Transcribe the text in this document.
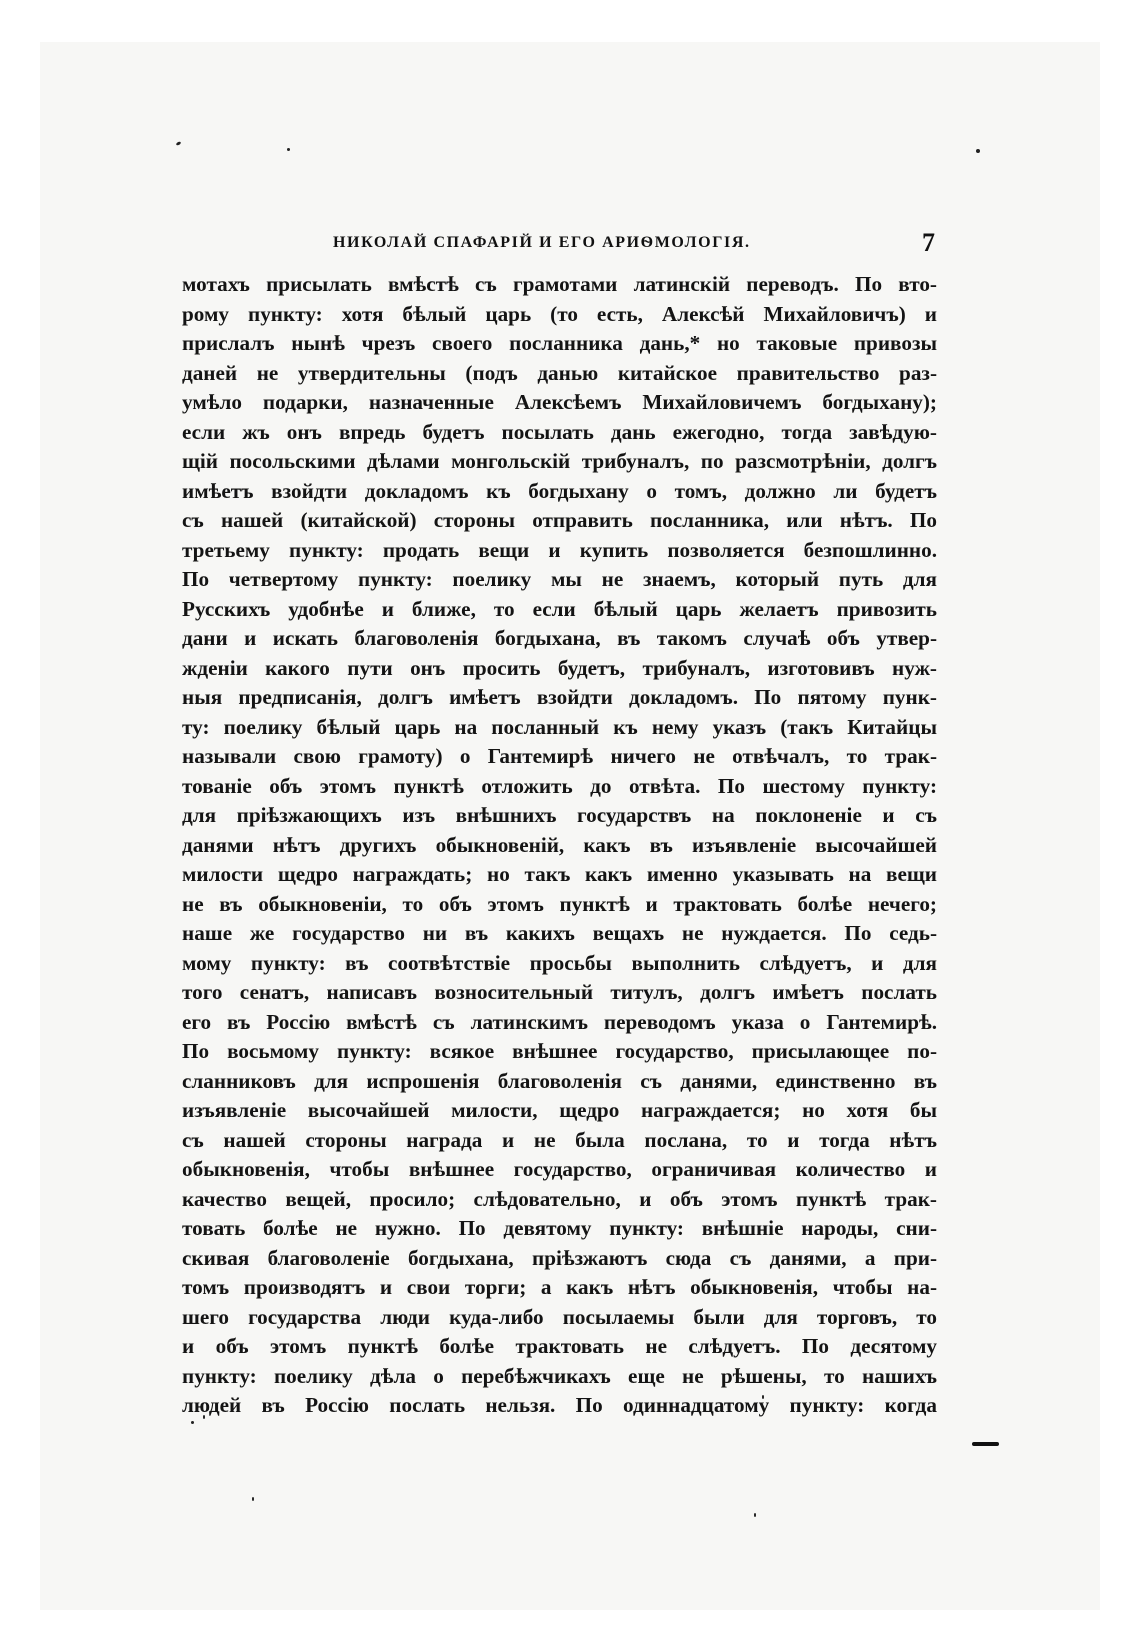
НИКОЛАЙ СПАФАРІЙ И ЕГО АРИѲМОЛОГІЯ.	7
мотахъ присылать вмѣстѣ съ грамотами латинскій переводъ. По вто-
рому пункту: хотя бѣлый царь (то есть, Алексѣй Михайловичъ) и
прислалъ нынѣ чрезъ своего посланника дань,* но таковые привозы
даней не утвердительны (подъ данью китайское правительство раз-
умѣло подарки, назначенные Алексѣемъ Михайловичемъ богдыхану);
если жъ онъ впредь будетъ посылать дань ежегодно, тогда завѣдую-
щій посольскими дѣлами монгольскій трибуналъ, по разсмотрѣніи, долгъ
имѣетъ взойдти докладомъ къ богдыхану о томъ, должно ли будетъ
съ нашей (китайской) стороны отправить посланника, или нѣтъ. По
третьему пункту: продать вещи и купить позволяется безпошлинно.
По четвертому пункту: поелику мы не знаемъ, который путь для
Русскихъ удобнѣе и ближе, то если бѣлый царь желаетъ привозить
дани и искать благоволенія богдыхана, въ такомъ случаѣ объ утвер-
жденіи какого пути онъ просить будетъ, трибуналъ, изготовивъ нуж-
ныя предписанія, долгъ имѣетъ взойдти докладомъ. По пятому пунк-
ту: поелику бѣлый царь на посланный къ нему указъ (такъ Китайцы
называли свою грамоту) о Гантемирѣ ничего не отвѣчалъ, то трак-
тованіе объ этомъ пунктѣ отложить до отвѣта. По шестому пункту:
для пріѣзжающихъ изъ внѣшнихъ государствъ на поклоненіе и съ
данями нѣтъ другихъ обыкновеній, какъ въ изъявленіе высочайшей
милости щедро награждать; но такъ какъ именно указывать на вещи
не въ обыкновеніи, то объ этомъ пунктѣ и трактовать болѣе нечего;
наше же государство ни въ какихъ вещахъ не нуждается. По седь-
мому пункту: въ соотвѣтствіе просьбы выполнить слѣдуетъ, и для
того сенатъ, написавъ возносительный титулъ, долгъ имѣетъ послать
его въ Россію вмѣстѣ съ латинскимъ переводомъ указа о Гантемирѣ.
По восьмому пункту: всякое внѣшнее государство, присылающее по-
сланниковъ для испрошенія благоволенія съ данями, единственно въ
изъявленіе высочайшей милости, щедро награждается; но хотя бы
съ нашей стороны награда и не была послана, то и тогда нѣтъ
обыкновенія, чтобы внѣшнее государство, ограничивая количество и
качество вещей, просило; слѣдовательно, и объ этомъ пунктѣ трак-
товать болѣе не нужно. По девятому пункту: внѣшніе народы, сни-
скивая благоволеніе богдыхана, пріѣзжаютъ сюда съ данями, а при-
томъ производятъ и свои торги; а какъ нѣтъ обыкновенія, чтобы на-
шего государства люди куда-либо посылаемы были для торговъ, то
и объ этомъ пунктѣ болѣе трактовать не слѣдуетъ. По десятому
пункту: поелику дѣла о перебѣжчикахъ еще не рѣшены, то нашихъ
людей въ Россію послать нельзя. По одиннадцатому пункту: когда
